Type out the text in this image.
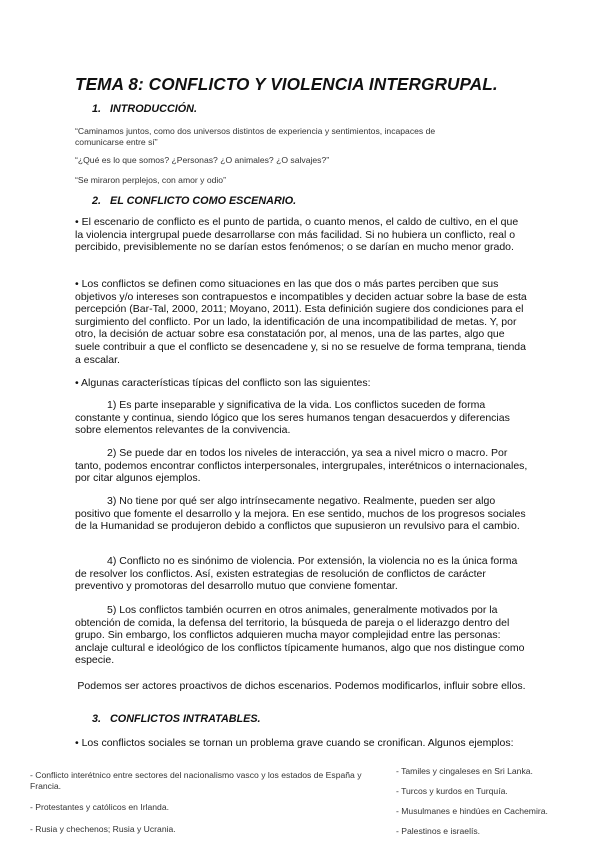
TEMA 8: CONFLICTO Y VIOLENCIA INTERGRUPAL.
1. INTRODUCCIÓN.

“Caminamos juntos, como dos universos distintos de experiencia y sentimientos, incapaces de comunicarse entre sí”

“¿Qué es lo que somos? ¿Personas? ¿O animales? ¿O salvajes?”

“Se miraron perplejos, con amor y odio”

2. EL CONFLICTO COMO ESCENARIO.

• El escenario de conflicto es el punto de partida, o cuanto menos, el caldo de cultivo, en el que la violencia intergrupal puede desarrollarse con más facilidad. Si no hubiera un conflicto, real o percibido, previsiblemente no se darían estos fenómenos; o se darían en mucho menor grado.

• Los conflictos se definen como situaciones en las que dos o más partes perciben que sus objetivos y/o intereses son contrapuestos e incompatibles y deciden actuar sobre la base de esta percepción (Bar-Tal, 2000, 2011; Moyano, 2011). Esta definición sugiere dos condiciones para el surgimiento del conflicto. Por un lado, la identificación de una incompatibilidad de metas. Y, por otro, la decisión de actuar sobre esa constatación por, al menos, una de las partes, algo que suele contribuir a que el conflicto se desencadene y, si no se resuelve de forma temprana, tienda a escalar.

• Algunas características típicas del conflicto son las siguientes:

1) Es parte inseparable y significativa de la vida. Los conflictos suceden de forma constante y continua, siendo lógico que los seres humanos tengan desacuerdos y diferencias sobre elementos relevantes de la convivencia.

2) Se puede dar en todos los niveles de interacción, ya sea a nivel micro o macro. Por tanto, podemos encontrar conflictos interpersonales, intergrupales, interétnicos o internacionales, por citar algunos ejemplos.

3) No tiene por qué ser algo intrínsecamente negativo. Realmente, pueden ser algo positivo que fomente el desarrollo y la mejora. En ese sentido, muchos de los progresos sociales de la Humanidad se produjeron debido a conflictos que supusieron un revulsivo para el cambio.

4) Conflicto no es sinónimo de violencia. Por extensión, la violencia no es la única forma de resolver los conflictos. Así, existen estrategias de resolución de conflictos de carácter preventivo y promotoras del desarrollo mutuo que conviene fomentar.

5) Los conflictos también ocurren en otros animales, generalmente motivados por la obtención de comida, la defensa del territorio, la búsqueda de pareja o el liderazgo dentro del grupo. Sin embargo, los conflictos adquieren mucha mayor complejidad entre las personas: anclaje cultural e ideológico de los conflictos típicamente humanos, algo que nos distingue como especie.

Podemos ser actores proactivos de dichos escenarios. Podemos modificarlos, influir sobre ellos.

3. CONFLICTOS INTRATABLES.

• Los conflictos sociales se tornan un problema grave cuando se cronifican. Algunos ejemplos:

- Conflicto interétnico entre sectores del nacionalismo vasco y los estados de España y Francia.

- Protestantes y católicos en Irlanda.

- Rusia y chechenos; Rusia y Ucrania.

- Tamiles y cingaleses en Sri Lanka.

- Turcos y kurdos en Turquía.

- Musulmanes e hindúes en Cachemira.

- Palestinos e israelís.
